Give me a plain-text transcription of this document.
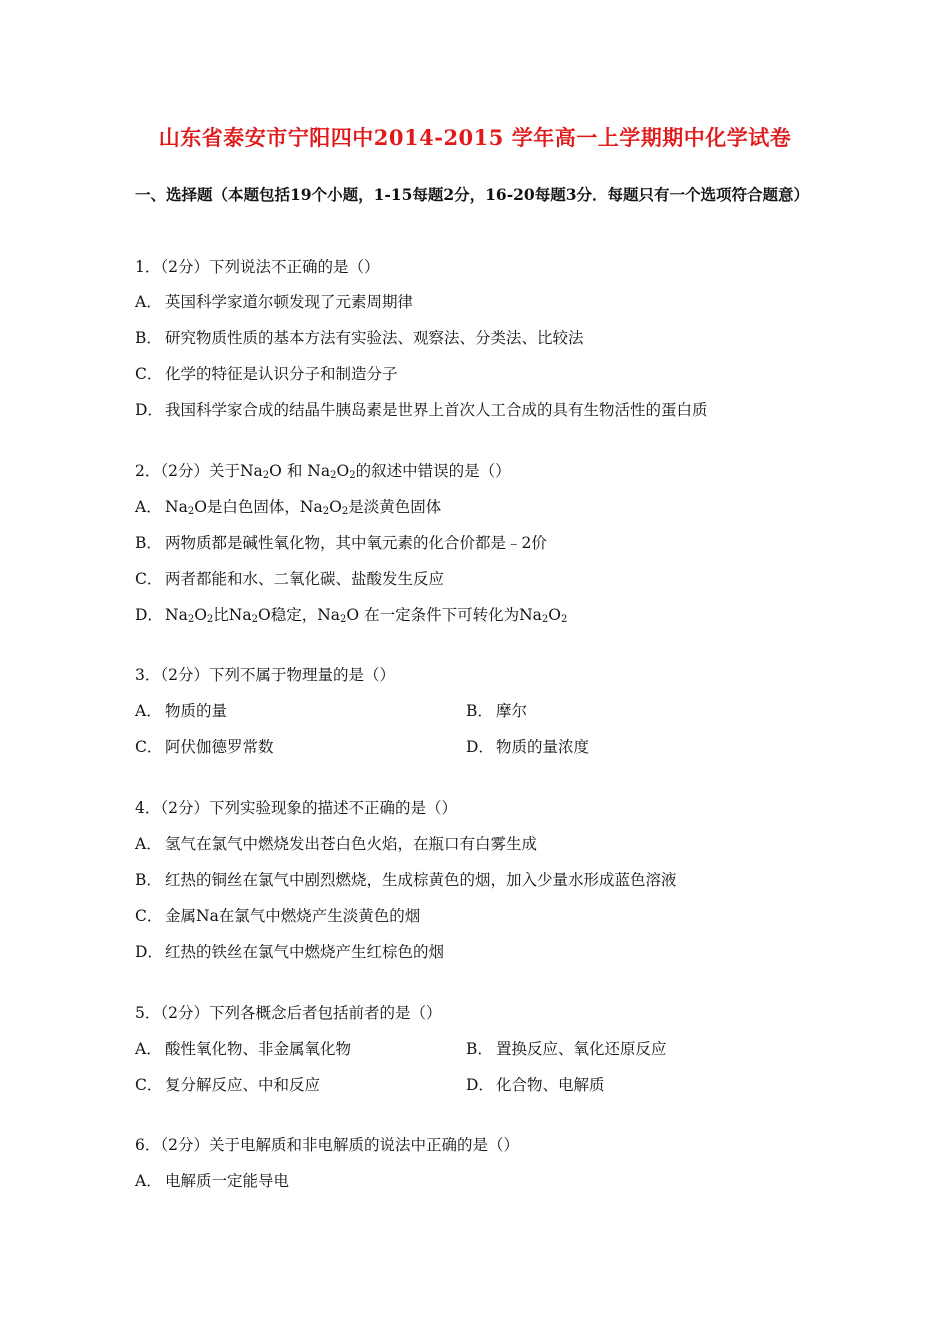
山东省泰安市宁阳四中2014-2015 学年高一上学期期中化学试卷
一、选择题（本题包括19个小题，1-15每题2分，16-20每题3分．每题只有一个选项符合题意）
1．（2分）下列说法不正确的是（）
A． 英国科学家道尔顿发现了元素周期律
B． 研究物质性质的基本方法有实验法、观察法、分类法、比较法
C． 化学的特征是认识分子和制造分子
D． 我国科学家合成的结晶牛胰岛素是世界上首次人工合成的具有生物活性的蛋白质
2．（2分）关于$Na_2O$ 和 $Na_2O_2$的叙述中错误的是（）
A． $Na_2O$是白色固体，$Na_2O_2$是淡黄色固体
B． 两物质都是碱性氧化物，其中氧元素的化合价都是﹣2价
C． 两者都能和水、二氧化碳、盐酸发生反应
D． $Na_2O_2$比$Na_2O$稳定，$Na_2O$ 在一定条件下可转化为$Na_2O_2$
3．（2分）下列不属于物理量的是（）
A． 物质的量	B． 摩尔
C． 阿伏伽德罗常数	D． 物质的量浓度
4．（2分）下列实验现象的描述不正确的是（）
A． 氢气在氯气中燃烧发出苍白色火焰，在瓶口有白雾生成
B． 红热的铜丝在氯气中剧烈燃烧，生成棕黄色的烟，加入少量水形成蓝色溶液
C． 金属Na在氯气中燃烧产生淡黄色的烟
D． 红热的铁丝在氯气中燃烧产生红棕色的烟
5．（2分）下列各概念后者包括前者的是（）
A． 酸性氧化物、非金属氧化物	B． 置换反应、氧化还原反应
C． 复分解反应、中和反应	D． 化合物、电解质
6．（2分）关于电解质和非电解质的说法中正确的是（）
A． 电解质一定能导电
